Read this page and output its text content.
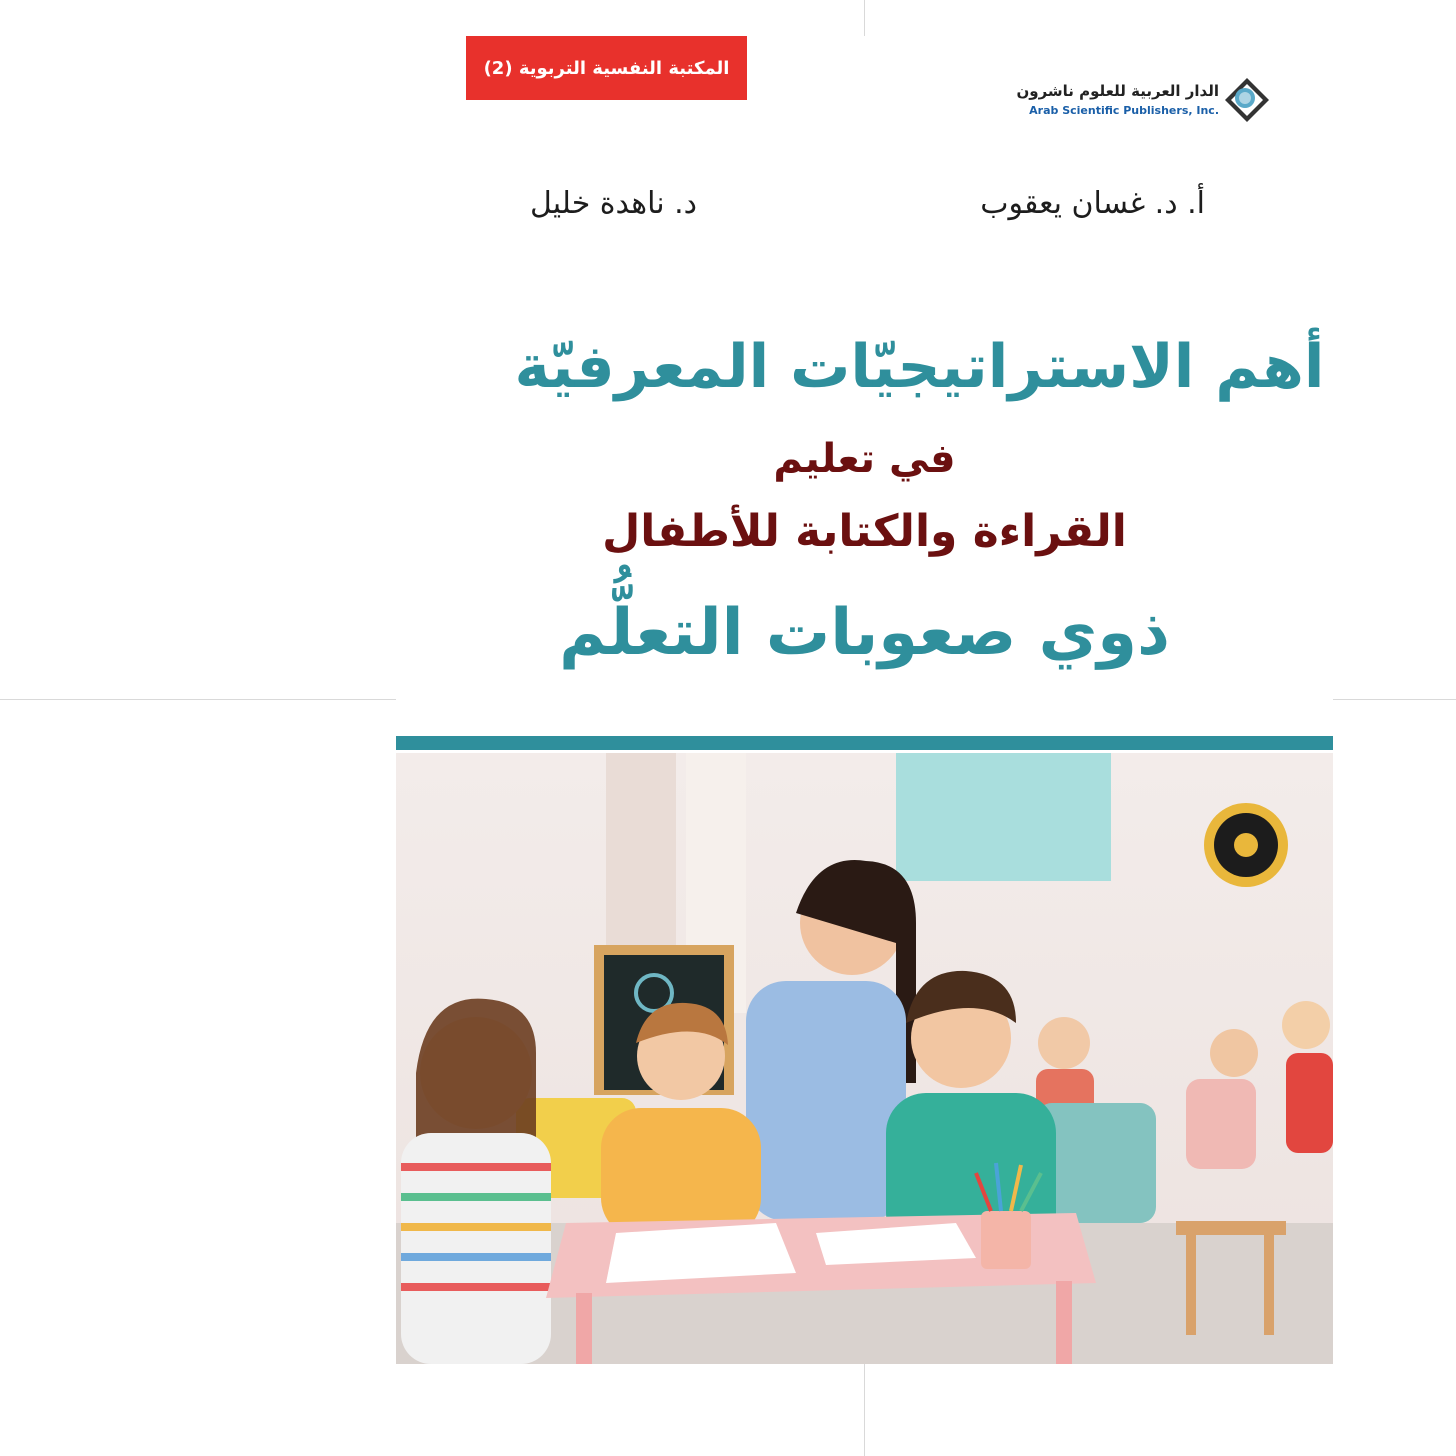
المكتبة النفسية التربوية (2)
الدار العربية للعلوم ناشرون
Arab Scientific Publishers, Inc.
أ. د. غسان يعقوب
د. ناهدة خليل
أهم الاستراتيجيّات المعرفيّة
في تعليم
القراءة والكتابة للأطفال
ذوي صعوبات التعلُّم
